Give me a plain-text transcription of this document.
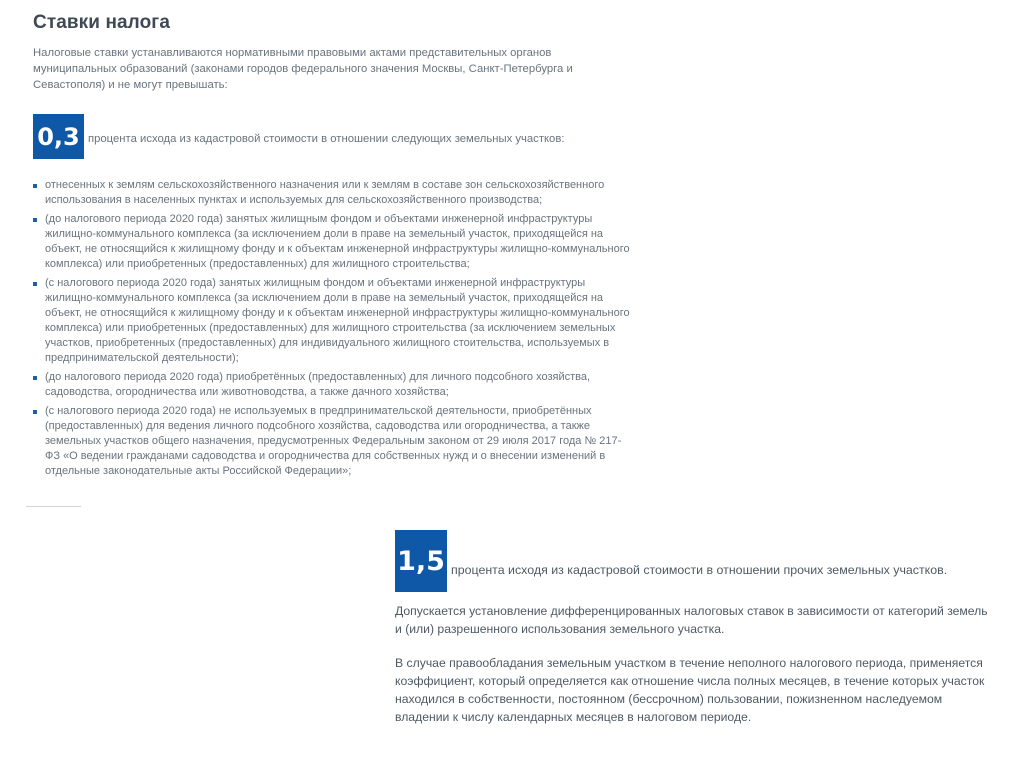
Ставки налога

Налоговые ставки устанавливаются нормативными правовыми актами представительных органов муниципальных образований (законами городов федерального значения Москвы, Санкт-Петербурга и Севастополя) и не могут превышать:

0,3 процента исхода из кадастровой стоимости в отношении следующих земельных участков:

отнесенных к землям сельскохозяйственного назначения или к землям в составе зон сельскохозяйственного использования в населенных пунктах и используемых для сельскохозяйственного производства;
(до налогового периода 2020 года) занятых жилищным фондом и объектами инженерной инфраструктуры жилищно-коммунального комплекса (за исключением доли в праве на земельный участок, приходящейся на объект, не относящийся к жилищному фонду и к объектам инженерной инфраструктуры жилищно-коммунального комплекса) или приобретенных (предоставленных) для жилищного строительства;
(с налогового периода 2020 года) занятых жилищным фондом и объектами инженерной инфраструктуры жилищно-коммунального комплекса (за исключением доли в праве на земельный участок, приходящейся на объект, не относящийся к жилищному фонду и к объектам инженерной инфраструктуры жилищно-коммунального комплекса) или приобретенных (предоставленных) для жилищного строительства (за исключением земельных участков, приобретенных (предоставленных) для индивидуального жилищного стоительства, используемых в предпринимательской деятельности);
(до налогового периода 2020 года) приобретённых (предоставленных) для личного подсобного хозяйства, садоводства, огородничества или животноводства, а также дачного хозяйства;
(с налогового периода 2020 года) не используемых в предпринимательской деятельности, приобретённых (предоставленных) для ведения личного подсобного хозяйства, садоводства или огородничества, а также земельных участков общего назначения, предусмотренных Федеральным законом от 29 июля 2017 года № 217-ФЗ «О ведении гражданами садоводства и огородничества для собственных нужд и о внесении изменений в отдельные законодательные акты Российской Федерации»;
1,5 процента исходя из кадастровой стоимости в отношении прочих земельных участков.

Допускается установление дифференцированных налоговых ставок в зависимости от категорий земель и (или) разрешенного использования земельного участка.

В случае правообладания земельным участком в течение неполного налогового периода, применяется коэффициент, который определяется как отношение числа полных месяцев, в течение которых участок находился в собственности, постоянном (бессрочном) пользовании, пожизненном наследуемом владении к числу календарных месяцев в налоговом периоде.
